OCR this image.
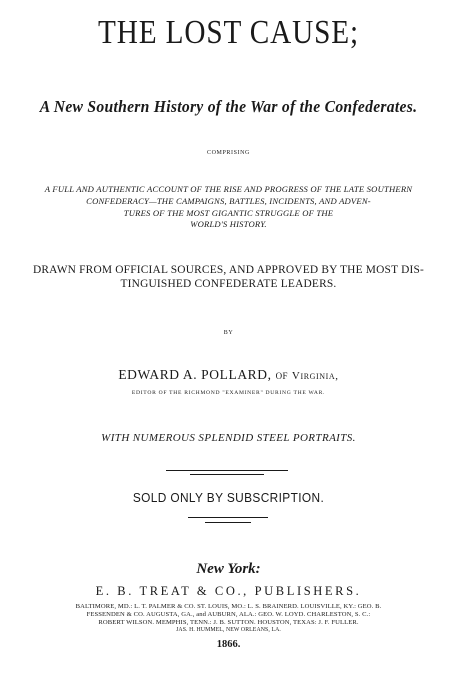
THE LOST CAUSE;
A New Southern History of the War of the Confederates.
COMPRISING
A FULL AND AUTHENTIC ACCOUNT OF THE RISE AND PROGRESS OF THE LATE SOUTHERN
CONFEDERACY—THE CAMPAIGNS, BATTLES, INCIDENTS, AND ADVEN-
TURES OF THE MOST GIGANTIC STRUGGLE OF THE
WORLD'S HISTORY.
DRAWN FROM OFFICIAL SOURCES, AND APPROVED BY THE MOST DIS-
TINGUISHED CONFEDERATE LEADERS.
BY
EDWARD A. POLLARD, OF Virginia,
EDITOR OF THE RICHMOND "EXAMINER" DURING THE WAR.
WITH NUMEROUS SPLENDID STEEL PORTRAITS.
SOLD ONLY BY SUBSCRIPTION.
New York:
E. B. TREAT & CO., PUBLISHERS.
BALTIMORE, MD.: L. T. PALMER & CO. ST. LOUIS, MO.: L. S. BRAINERD. LOUISVILLE, KY.: GEO. B.
FESSENDEN & CO. AUGUSTA, GA., and AUBURN, ALA.: GEO. W. LOYD. CHARLESTON, S. C.:
ROBERT WILSON. MEMPHIS, TENN.: J. B. SUTTON. HOUSTON, TEXAS: J. F. FULLER.
JAS. H. HUMMEL, NEW ORLEANS, LA.
1866.
